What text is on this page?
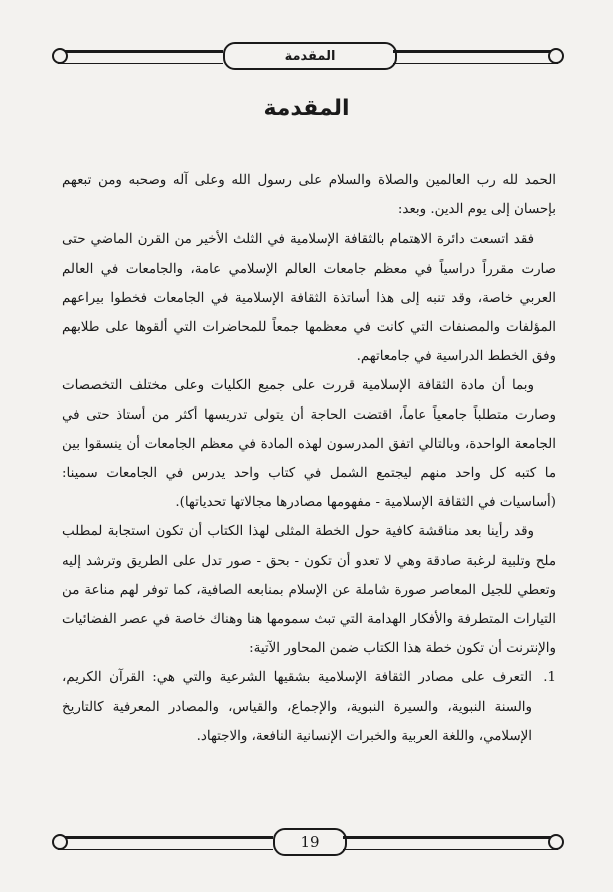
المقدمة
المقدمة

الحمد لله رب العالمين والصلاة والسلام على رسول الله وعلى آله وصحبه ومن تبعهم بإحسان إلى يوم الدين. وبعد:

فقد اتسعت دائرة الاهتمام بالثقافة الإسلامية في الثلث الأخير من القرن الماضي حتى صارت مقرراً دراسياً في معظم جامعات العالم الإسلامي عامة، والجامعات في العالم العربي خاصة، وقد تنبه إلى هذا أساتذة الثقافة الإسلامية في الجامعات فخطوا بيراعهم المؤلفات والمصنفات التي كانت في معظمها جمعاً للمحاضرات التي ألقوها على طلابهم وفق الخطط الدراسية في جامعاتهم.

وبما أن مادة الثقافة الإسلامية قررت على جميع الكليات وعلى مختلف التخصصات وصارت متطلباً جامعياً عاماً، اقتضت الحاجة أن يتولى تدريسها أكثر من أستاذ حتى في الجامعة الواحدة، وبالتالي اتفق المدرسون لهذه المادة في معظم الجامعات أن ينسقوا بين ما كتبه كل واحد منهم ليجتمع الشمل في كتاب واحد يدرس في الجامعات سمينا: (أساسيات في الثقافة الإسلامية - مفهومها مصادرها مجالاتها تحدياتها).

وقد رأينا بعد مناقشة كافية حول الخطة المثلى لهذا الكتاب أن تكون استجابة لمطلب ملح وتلبية لرغبة صادقة وهي لا تعدو أن تكون - بحق - صور تدل على الطريق وترشد إليه وتعطي للجيل المعاصر صورة شاملة عن الإسلام بمنابعه الصافية، كما توفر لهم مناعة من التيارات المتطرفة والأفكار الهدامة التي تبث سمومها هنا وهناك خاصة في عصر الفضائيات والإنترنت أن تكون خطة هذا الكتاب ضمن المحاور الآتية:

1.
التعرف على مصادر الثقافة الإسلامية بشقيها الشرعية والتي هي: القرآن الكريم، والسنة النبوية، والسيرة النبوية، والإجماع، والقياس، والمصادر المعرفية كالتاريخ الإسلامي، واللغة العربية والخبرات الإنسانية النافعة، والاجتهاد.
19
